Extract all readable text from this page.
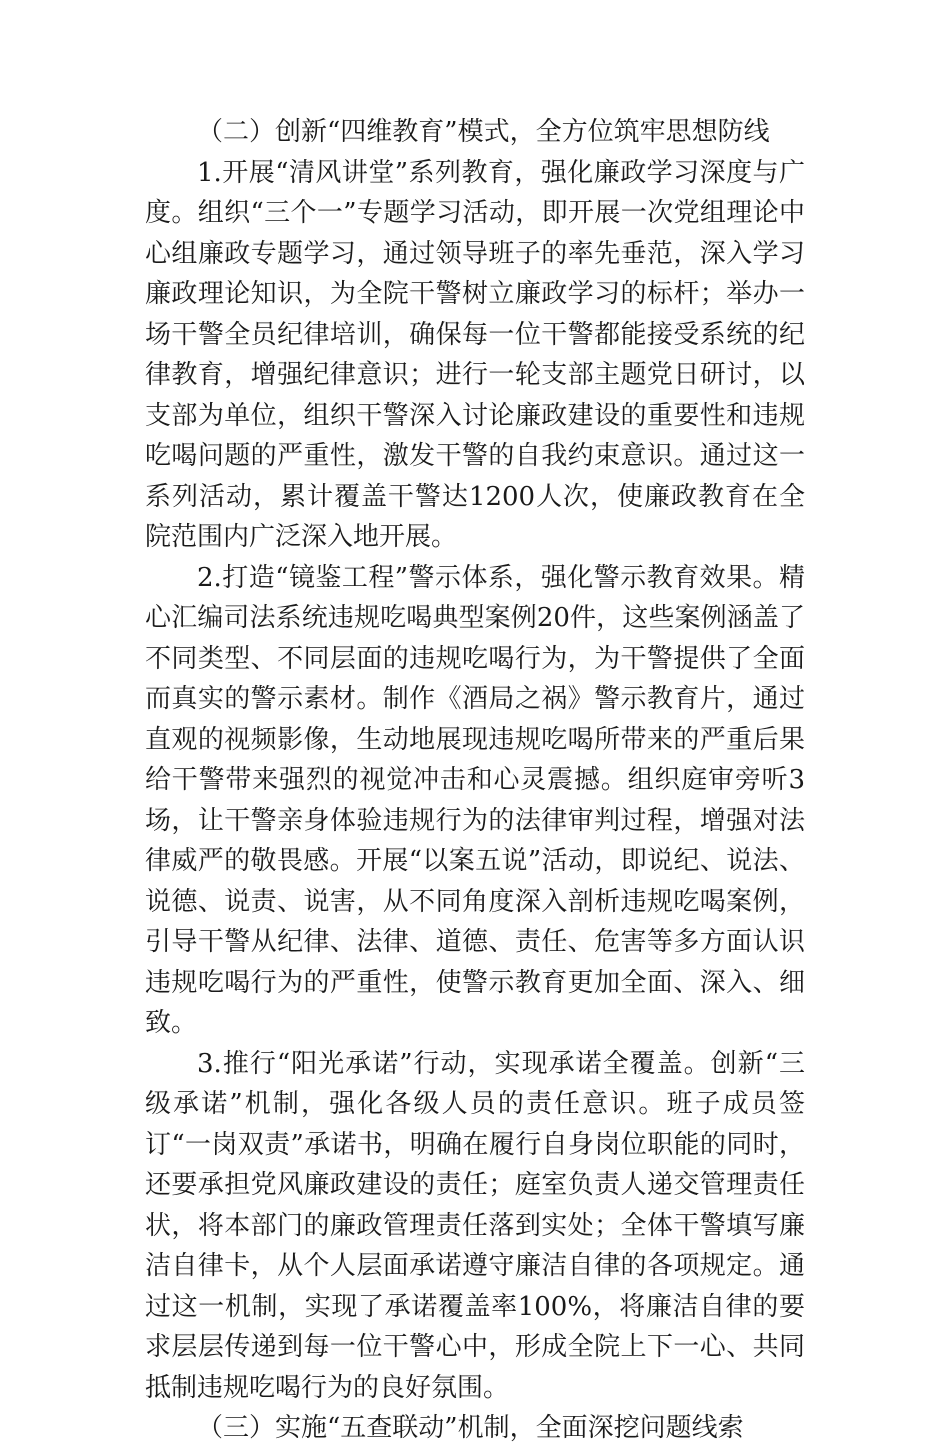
（二）创新“四维教育”模式，全方位筑牢思想防线

1.开展“清风讲堂”系列教育，强化廉政学习深度与广度。组织“三个一”专题学习活动，即开展一次党组理论中心组廉政专题学习，通过领导班子的率先垂范，深入学习廉政理论知识，为全院干警树立廉政学习的标杆；举办一场干警全员纪律培训，确保每一位干警都能接受系统的纪律教育，增强纪律意识；进行一轮支部主题党日研讨，以支部为单位，组织干警深入讨论廉政建设的重要性和违规吃喝问题的严重性，激发干警的自我约束意识。通过这一系列活动，累计覆盖干警达1200人次，使廉政教育在全院范围内广泛深入地开展。

2.打造“镜鉴工程”警示体系，强化警示教育效果。精心汇编司法系统违规吃喝典型案例20件，这些案例涵盖了不同类型、不同层面的违规吃喝行为，为干警提供了全面而真实的警示素材。制作《酒局之祸》警示教育片，通过直观的视频影像，生动地展现违规吃喝所带来的严重后果给干警带来强烈的视觉冲击和心灵震撼。组织庭审旁听3场，让干警亲身体验违规行为的法律审判过程，增强对法律威严的敬畏感。开展“以案五说”活动，即说纪、说法、说德、说责、说害，从不同角度深入剖析违规吃喝案例，引导干警从纪律、法律、道德、责任、危害等多方面认识违规吃喝行为的严重性，使警示教育更加全面、深入、细致。

3.推行“阳光承诺”行动，实现承诺全覆盖。创新“三级承诺”机制，强化各级人员的责任意识。班子成员签订“一岗双责”承诺书，明确在履行自身岗位职能的同时，还要承担党风廉政建设的责任；庭室负责人递交管理责任状，将本部门的廉政管理责任落到实处；全体干警填写廉洁自律卡，从个人层面承诺遵守廉洁自律的各项规定。通过这一机制，实现了承诺覆盖率100%，将廉洁自律的要求层层传递到每一位干警心中，形成全院上下一心、共同抵制违规吃喝行为的良好氛围。

（三）实施“五查联动”机制，全面深挖问题线索
